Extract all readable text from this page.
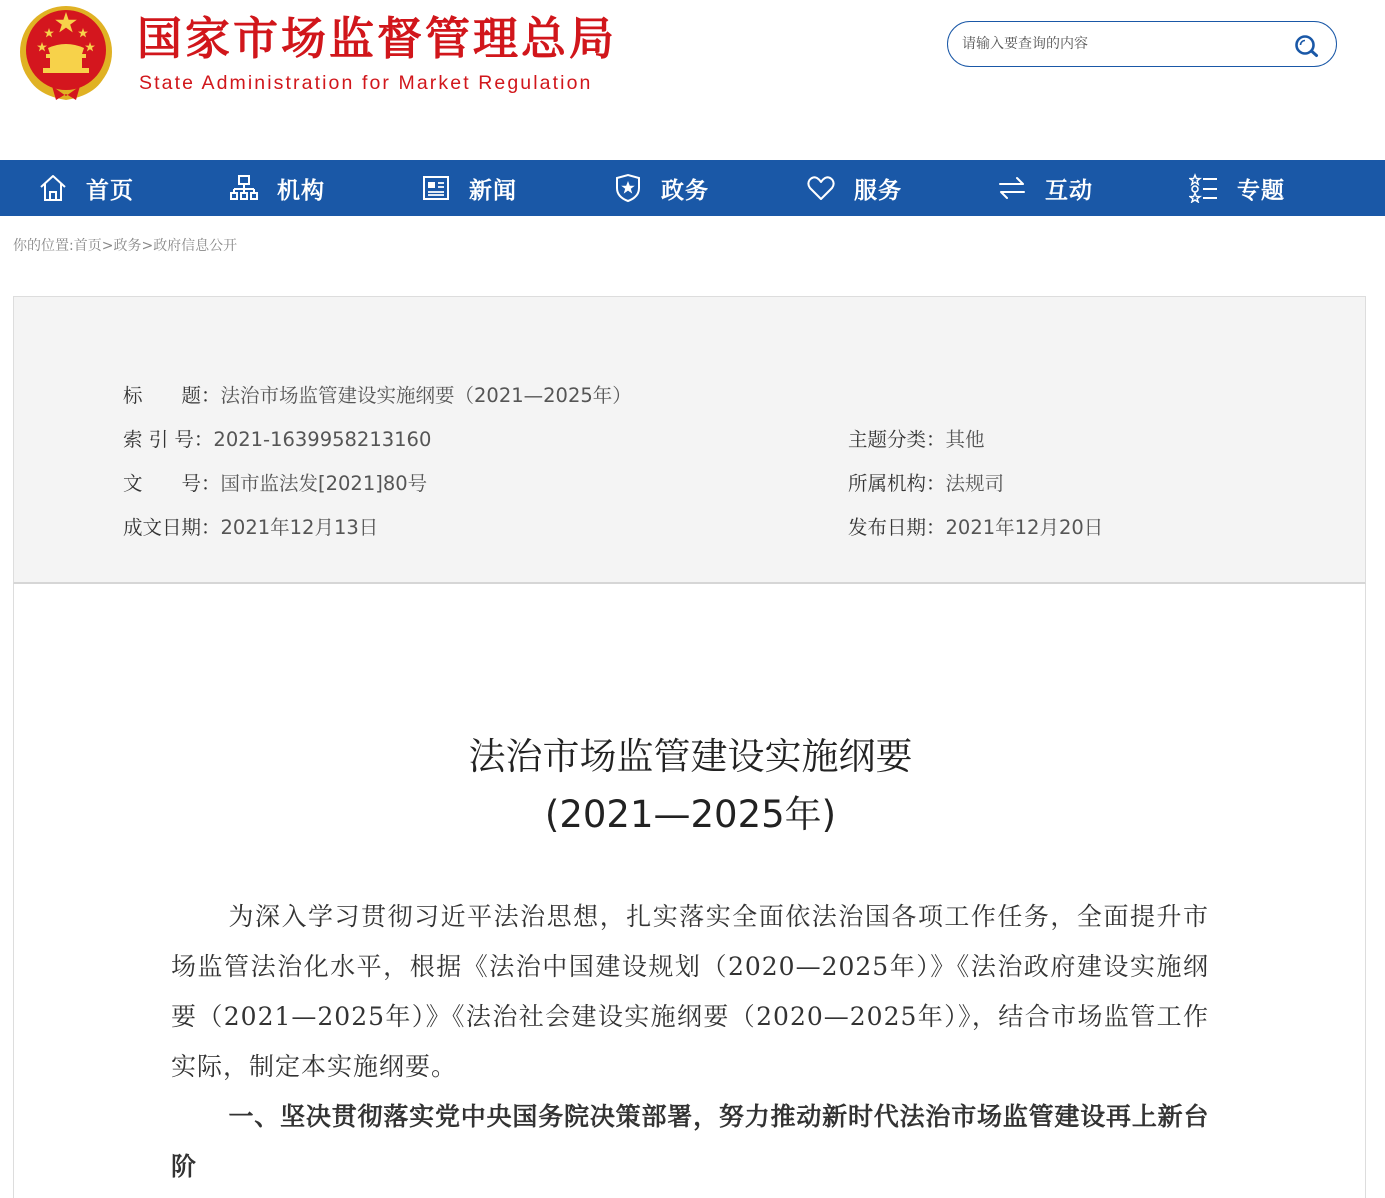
国家市场监督管理总局
State Administration for Market Regulation
请输入要查询的内容
首页	机构	新闻	政务	服务	互动	专题
你的位置:首页>政务>政府信息公开
标　　题：法治市场监管建设实施纲要（2021—2025年）
索 引 号：2021-1639958213160	主题分类：其他
文　　号：国市监法发[2021]80号	所属机构：法规司
成文日期：2021年12月13日	发布日期：2021年12月20日
法治市场监管建设实施纲要
(2021—2025年)

为深入学习贯彻习近平法治思想，扎实落实全面依法治国各项工作任务，全面提升市场监管法治化水平，根据《法治中国建设规划（2020—2025年）》《法治政府建设实施纲要（2021—2025年）》《法治社会建设实施纲要（2020—2025年）》，结合市场监管工作实际，制定本实施纲要。

一、坚决贯彻落实党中央国务院决策部署，努力推动新时代法治市场监管建设再上新台阶
